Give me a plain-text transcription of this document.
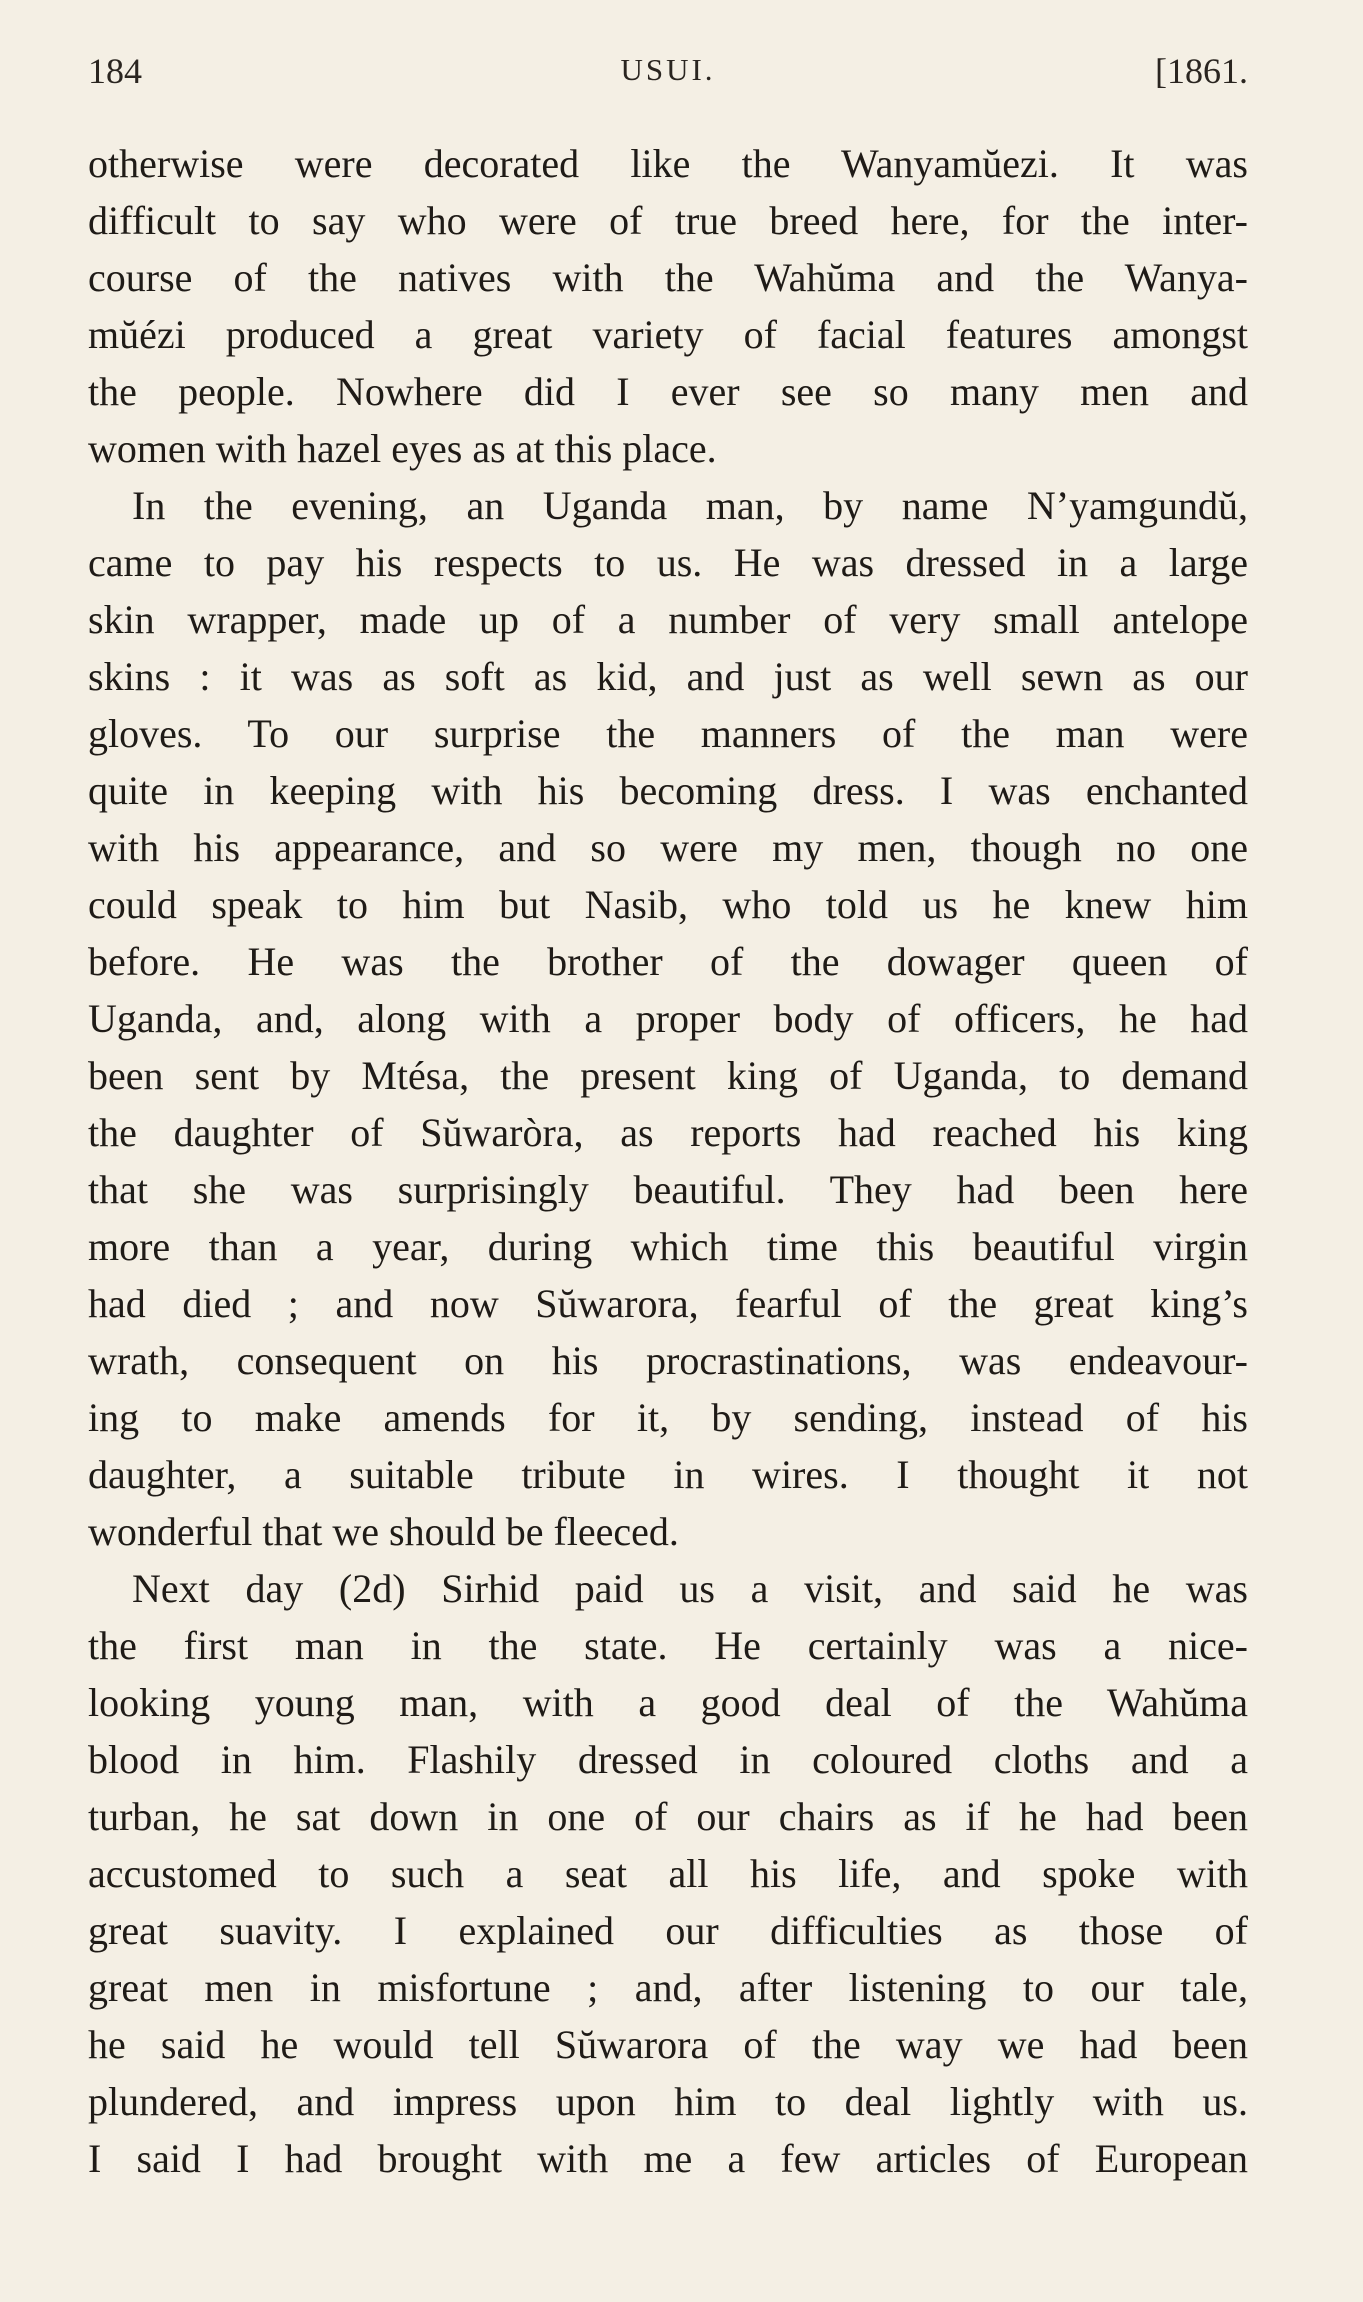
184	USUI.	[1861.
otherwise were decorated like the Wanyamŭezi. It was
difficult to say who were of true breed here, for the inter-
course of the natives with the Wahŭma and the Wanya-
mŭézi produced a great variety of facial features amongst
the people. Nowhere did I ever see so many men and
women with hazel eyes as at this place.
In the evening, an Uganda man, by name N’yamgundŭ,
came to pay his respects to us. He was dressed in a large
skin wrapper, made up of a number of very small antelope
skins : it was as soft as kid, and just as well sewn as our
gloves. To our surprise the manners of the man were
quite in keeping with his becoming dress. I was enchanted
with his appearance, and so were my men, though no one
could speak to him but Nasib, who told us he knew him
before. He was the brother of the dowager queen of
Uganda, and, along with a proper body of officers, he had
been sent by Mtésa, the present king of Uganda, to demand
the daughter of Sŭwaròra, as reports had reached his king
that she was surprisingly beautiful. They had been here
more than a year, during which time this beautiful virgin
had died ; and now Sŭwarora, fearful of the great king’s
wrath, consequent on his procrastinations, was endeavour-
ing to make amends for it, by sending, instead of his
daughter, a suitable tribute in wires. I thought it not
wonderful that we should be fleeced.
Next day (2d) Sirhid paid us a visit, and said he was
the first man in the state. He certainly was a nice-
looking young man, with a good deal of the Wahŭma
blood in him. Flashily dressed in coloured cloths and a
turban, he sat down in one of our chairs as if he had been
accustomed to such a seat all his life, and spoke with
great suavity. I explained our difficulties as those of
great men in misfortune ; and, after listening to our tale,
he said he would tell Sŭwarora of the way we had been
plundered, and impress upon him to deal lightly with us.
I said I had brought with me a few articles of European
